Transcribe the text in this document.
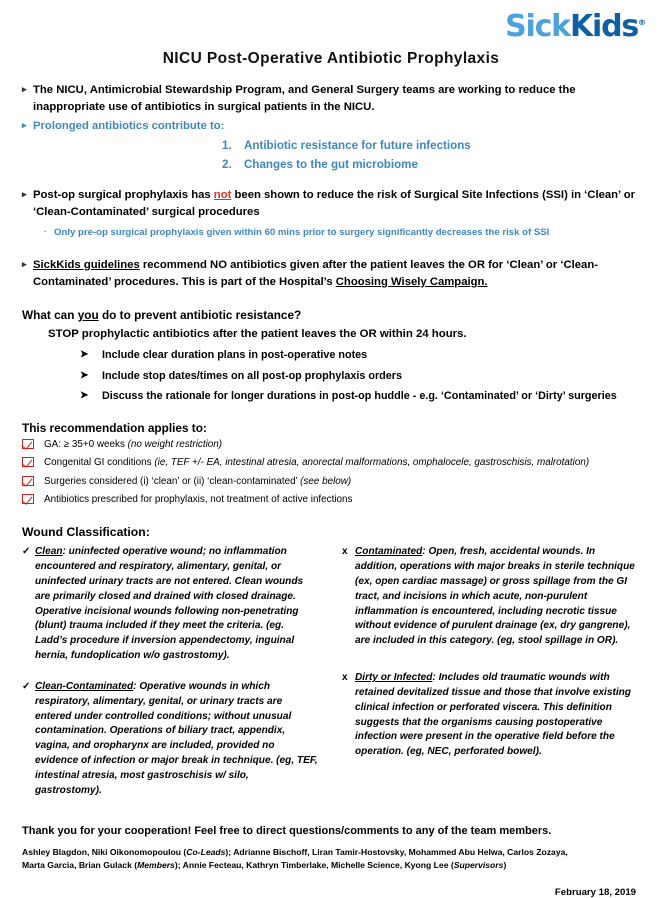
SickKids®
NICU Post-Operative Antibiotic Prophylaxis
▸ The NICU, Antimicrobial Stewardship Program, and General Surgery teams are working to reduce the inappropriate use of antibiotics in surgical patients in the NICU.
▸ Prolonged antibiotics contribute to:
1. Antibiotic resistance for future infections
2. Changes to the gut microbiome
▸ Post-op surgical prophylaxis has not been shown to reduce the risk of Surgical Site Infections (SSI) in ‘Clean’ or ‘Clean-Contaminated’ surgical procedures
· Only pre-op surgical prophylaxis given within 60 mins prior to surgery significantly decreases the risk of SSI
▸ SickKids guidelines recommend NO antibiotics given after the patient leaves the OR for ‘Clean’ or ‘Clean-Contaminated’ procedures. This is part of the Hospital’s Choosing Wisely Campaign.
What can you do to prevent antibiotic resistance?
STOP prophylactic antibiotics after the patient leaves the OR within 24 hours.
➤	Include clear duration plans in post-operative notes
➤	Include stop dates/times on all post-op prophylaxis orders
➤	Discuss the rationale for longer durations in post-op huddle - e.g. ‘Contaminated’ or ‘Dirty’ surgeries
This recommendation applies to:
GA: ≥ 35+0 weeks (no weight restriction)
Congenital GI conditions (ie, TEF +/- EA, intestinal atresia, anorectal malformations, omphalocele, gastroschisis, malrotation)
Surgeries considered (i) ‘clean’ or (ii) ‘clean-contaminated’ (see below)
Antibiotics prescribed for prophylaxis, not treatment of active infections
Wound Classification:
✓ Clean: uninfected operative wound; no inflammation encountered and respiratory, alimentary, genital, or uninfected urinary tracts are not entered. Clean wounds are primarily closed and drained with closed drainage. Operative incisional wounds following non-penetrating (blunt) trauma included if they meet the criteria. (eg. Ladd’s procedure if inversion appendectomy, inguinal hernia, fundoplication w/o gastrostomy).
✓ Clean-Contaminated: Operative wounds in which respiratory, alimentary, genital, or urinary tracts are entered under controlled conditions; without unusual contamination. Operations of biliary tract, appendix, vagina, and oropharynx are included, provided no evidence of infection or major break in technique. (eg, TEF, intestinal atresia, most gastroschisis w/ silo, gastrostomy).
x Contaminated: Open, fresh, accidental wounds. In addition, operations with major breaks in sterile technique (ex, open cardiac massage) or gross spillage from the GI tract, and incisions in which acute, non-purulent inflammation is encountered, including necrotic tissue without evidence of purulent drainage (ex, dry gangrene), are included in this category. (eg, stool spillage in OR).
x Dirty or Infected: Includes old traumatic wounds with retained devitalized tissue and those that involve existing clinical infection or perforated viscera. This definition suggests that the organisms causing postoperative infection were present in the operative field before the operation. (eg, NEC, perforated bowel).
Thank you for your cooperation! Feel free to direct questions/comments to any of the team members.
Ashley Blagdon, Niki Oikonomopoulou (Co-Leads); Adrianne Bischoff, Liran Tamir-Hostovsky, Mohammed Abu Helwa, Carlos Zozaya,
Marta Garcia, Brian Gulack (Members); Annie Fecteau, Kathryn Timberlake, Michelle Science, Kyong Lee (Supervisors)
February 18, 2019
